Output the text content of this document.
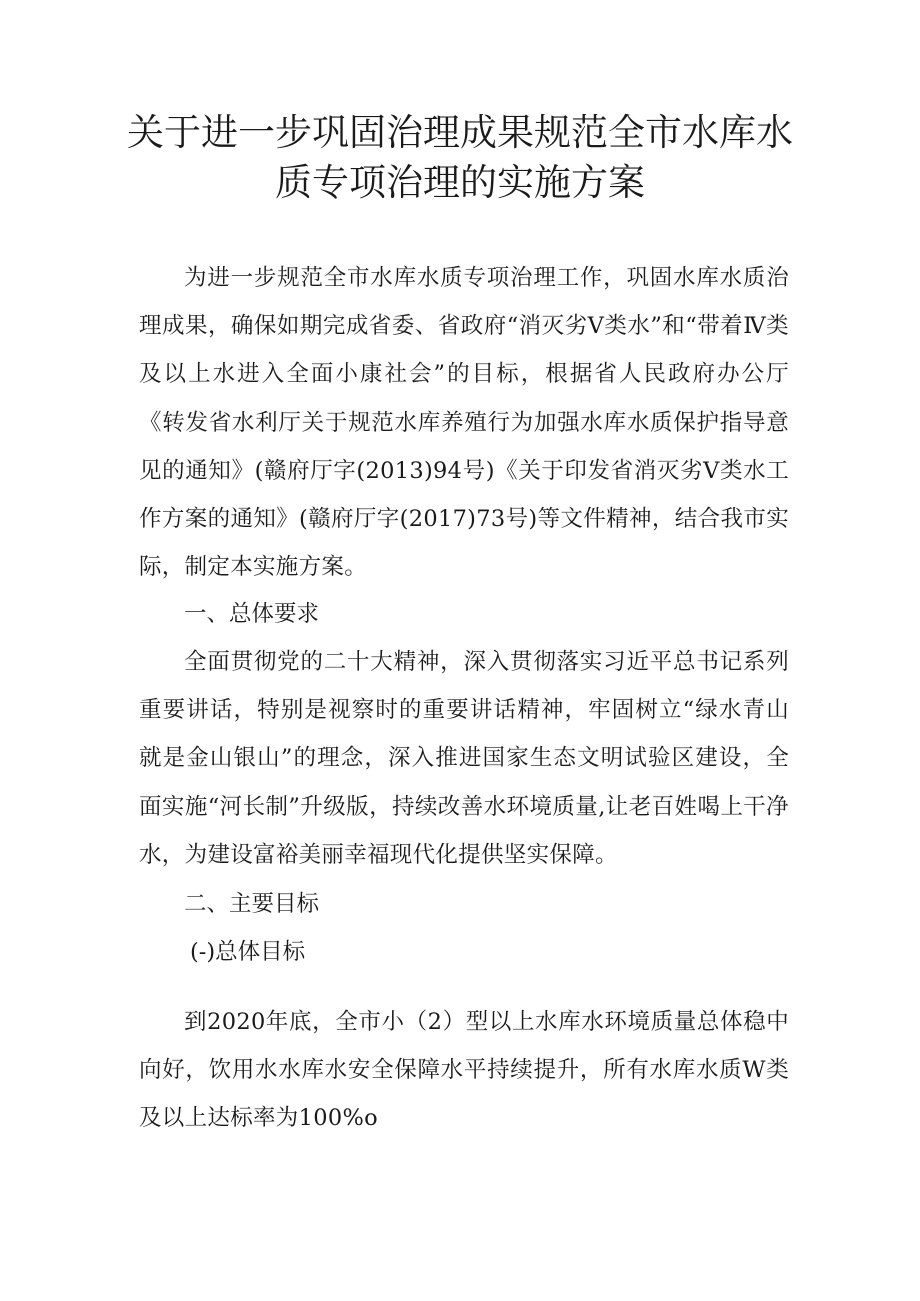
关于进一步巩固治理成果规范全市水库水
质专项治理的实施方案

为进一步规范全市水库水质专项治理工作，巩固水库水质治理成果，确保如期完成省委、省政府“消灭劣Ⅴ类水”和“带着Ⅳ类及以上水进入全面小康社会”的目标，根据省人民政府办公厅《转发省水利厅关于规范水库养殖行为加强水库水质保护指导意见的通知》(赣府厅字(2013)94号)《关于印发省消灭劣Ⅴ类水工作方案的通知》(赣府厅字(2017)73号)等文件精神，结合我市实际，制定本实施方案。

一、总体要求

全面贯彻党的二十大精神，深入贯彻落实习近平总书记系列重要讲话，特别是视察时的重要讲话精神，牢固树立“绿水青山就是金山银山”的理念，深入推进国家生态文明试验区建设，全面实施“河长制”升级版，持续改善水环境质量,让老百姓喝上干净水，为建设富裕美丽幸福现代化提供坚实保障。

二、主要目标

(-)总体目标

到2020年底，全市小（2）型以上水库水环境质量总体稳中向好，饮用水水库水安全保障水平持续提升，所有水库水质W类及以上达标率为100%o
